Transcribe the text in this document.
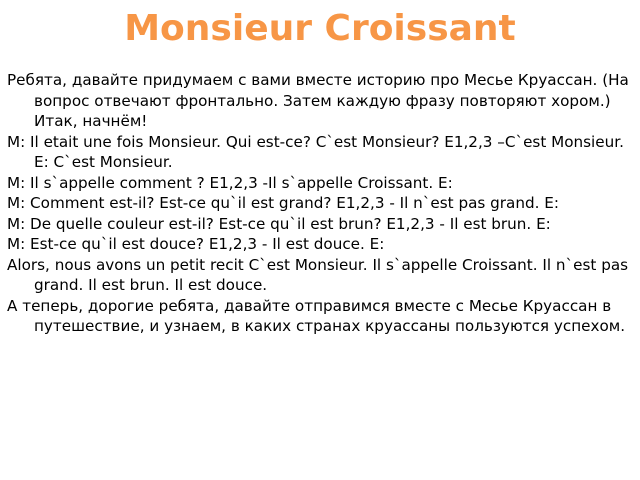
Monsieur Croissant

Ребята, давайте придумаем с вами вместе историю про Месье Круассан. (На вопрос отвечают фронтально. Затем каждую фразу повторяют хором.) Итак, начнём!

М: Il etait une fois Monsieur. Qui est-ce? C`est Monsieur? E1,2,3 –C`est Monsieur. E: C`est Monsieur.

M: Il s`appelle comment ? E1,2,3 -Il s`appelle Croissant. E:

M: Comment est-il? Est-ce qu`il est grand? E1,2,3 - Il n`est pas grand. E:

M: De quelle couleur est-il? Est-ce qu`il est brun? E1,2,3 - Il est brun. E:

M: Est-ce qu`il est douce? E1,2,3 - Il est douce. E:

Alors, nous avons un petit recit C`est Monsieur. Il s`appelle Croissant. Il n`est pas grand. Il est brun. Il est douce.

А теперь, дорогие ребята, давайте отправимся вместе с Месье Круассан в путешествие, и узнаем, в каких странах круассаны пользуются успехом.
